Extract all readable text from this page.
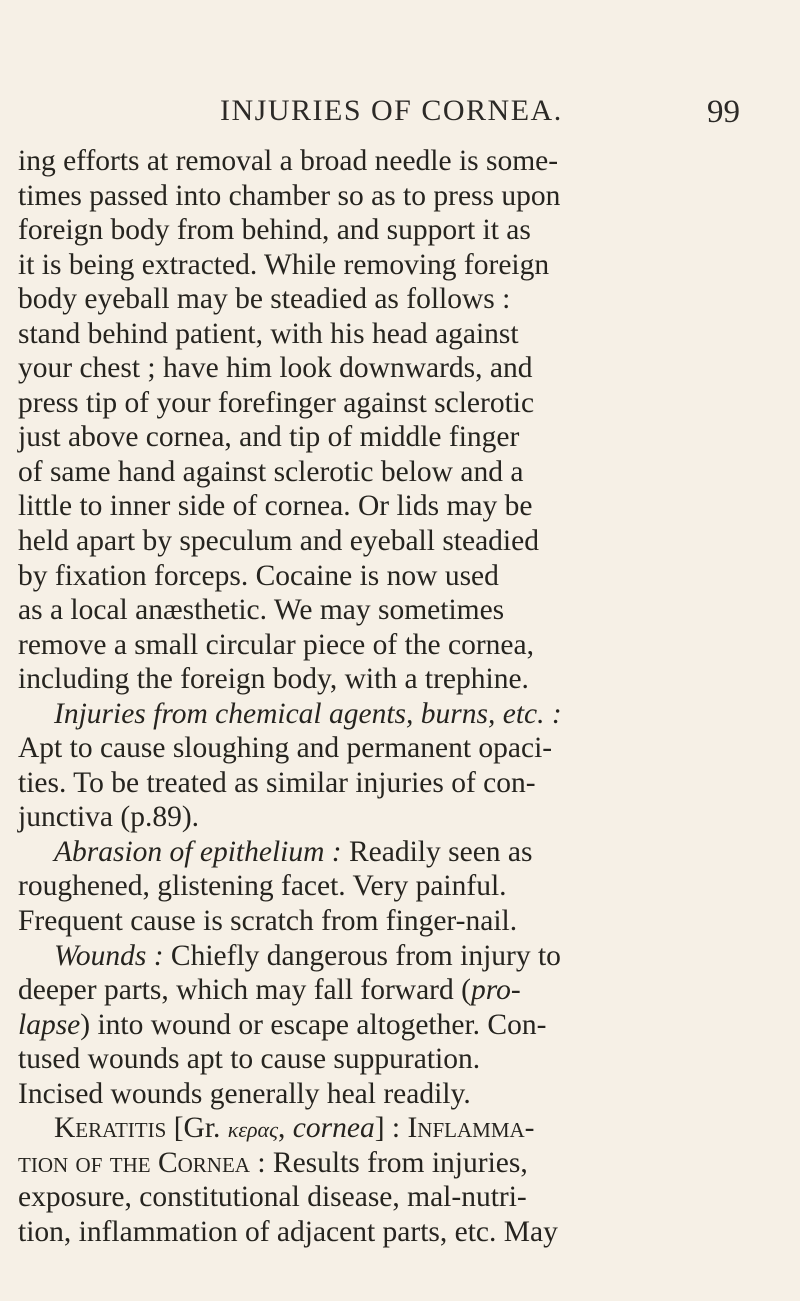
INJURIES OF CORNEA.	99
ing efforts at removal a broad needle is some-
times passed into chamber so as to press upon
foreign body from behind, and support it as
it is being extracted. While removing foreign
body eyeball may be steadied as follows :
stand behind patient, with his head against
your chest ; have him look downwards, and
press tip of your forefinger against sclerotic
just above cornea, and tip of middle finger
of same hand against sclerotic below and a
little to inner side of cornea. Or lids may be
held apart by speculum and eyeball steadied
by fixation forceps. Cocaine is now used
as a local anæsthetic. We may sometimes
remove a small circular piece of the cornea,
including the foreign body, with a trephine.
Injuries from chemical agents, burns, etc. :
Apt to cause sloughing and permanent opaci-
ties. To be treated as similar injuries of con-
junctiva (p.89).
Abrasion of epithelium : Readily seen as
roughened, glistening facet. Very painful.
Frequent cause is scratch from finger-nail.
Wounds : Chiefly dangerous from injury to
deeper parts, which may fall forward (pro-
lapse) into wound or escape altogether. Con-
tused wounds apt to cause suppuration.
Incised wounds generally heal readily.
Keratitis [Gr. κερας, cornea] : Inflamma-
tion of the Cornea : Results from injuries,
exposure, constitutional disease, mal-nutri-
tion, inflammation of adjacent parts, etc. Ma⁠y
